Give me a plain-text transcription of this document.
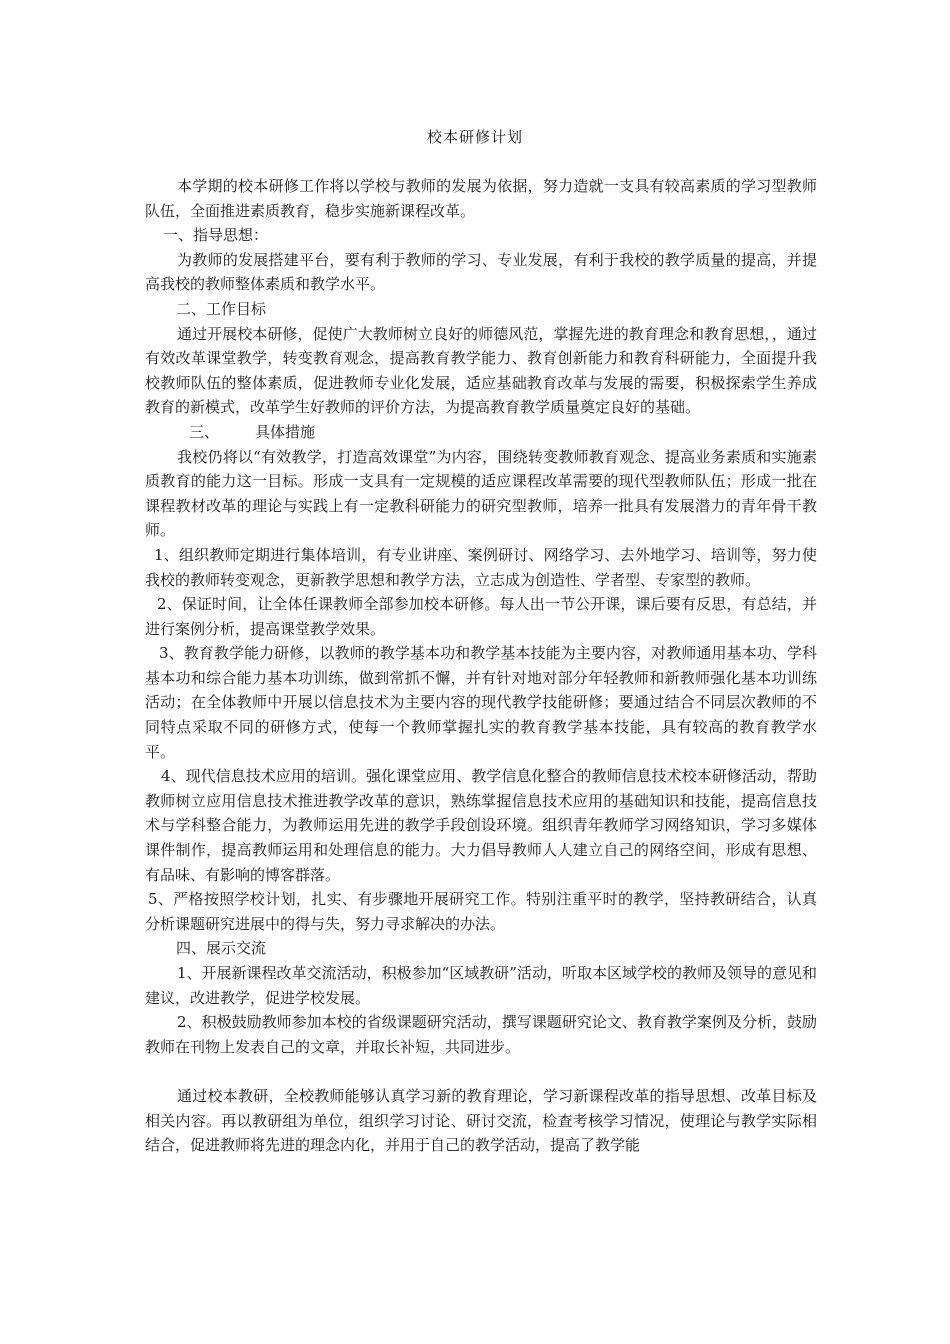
校本研修计划

本学期的校本研修工作将以学校与教师的发展为依据，努力造就一支具有较高素质的学习型教师队伍，全面推进素质教育，稳步实施新课程改革。

一、指导思想：

为教师的发展搭建平台，要有利于教师的学习、专业发展，有利于我校的教学质量的提高，并提高我校的教师整体素质和教学水平。

二、工作目标

通过开展校本研修，促使广大教师树立良好的师德风范，掌握先进的教育理念和教育思想，，通过有效改革课堂教学，转变教育观念，提高教育教学能力、教育创新能力和教育科研能力，全面提升我校教师队伍的整体素质，促进教师专业化发展，适应基础教育改革与发展的需要，积极探索学生养成教育的新模式，改革学生好教师的评价方法，为提高教育教学质量奠定良好的基础。

三、 具体措施

我校仍将以“有效教学，打造高效课堂”为内容，围绕转变教师教育观念、提高业务素质和实施素质教育的能力这一目标。形成一支具有一定规模的适应课程改革需要的现代型教师队伍；形成一批在课程教材改革的理论与实践上有一定教科研能力的研究型教师，培养一批具有发展潜力的青年骨干教师。

1、组织教师定期进行集体培训，有专业讲座、案例研讨、网络学习、去外地学习、培训等，努力使我校的教师转变观念，更新教学思想和教学方法，立志成为创造性、学者型、专家型的教师。

2、保证时间，让全体任课教师全部参加校本研修。每人出一节公开课，课后要有反思，有总结，并进行案例分析，提高课堂教学效果。

3、教育教学能力研修，以教师的教学基本功和教学基本技能为主要内容，对教师通用基本功、学科基本功和综合能力基本功训练，做到常抓不懈，并有针对地对部分年轻教师和新教师强化基本功训练活动；在全体教师中开展以信息技术为主要内容的现代教学技能研修；要通过结合不同层次教师的不同特点采取不同的研修方式，使每一个教师掌握扎实的教育教学基本技能，具有较高的教育教学水平。

4、现代信息技术应用的培训。强化课堂应用、教学信息化整合的教师信息技术校本研修活动，帮助教师树立应用信息技术推进教学改革的意识，熟练掌握信息技术应用的基础知识和技能，提高信息技术与学科整合能力，为教师运用先进的教学手段创设环境。组织青年教师学习网络知识，学习多媒体课件制作，提高教师运用和处理信息的能力。大力倡导教师人人建立自己的网络空间，形成有思想、有品味、有影响的博客群落。

5、严格按照学校计划，扎实、有步骤地开展研究工作。特别注重平时的教学，坚持教研结合，认真分析课题研究进展中的得与失，努力寻求解决的办法。

四、展示交流

1、开展新课程改革交流活动，积极参加“区域教研”活动，听取本区域学校的教师及领导的意见和建议，改进教学，促进学校发展。

2、积极鼓励教师参加本校的省级课题研究活动，撰写课题研究论文、教育教学案例及分析，鼓励教师在刊物上发表自己的文章，并取长补短，共同进步。

通过校本教研，全校教师能够认真学习新的教育理论，学习新课程改革的指导思想、改革目标及相关内容。再以教研组为单位，组织学习讨论、研讨交流，检查考核学习情况，使理论与教学实际相结合，促进教师将先进的理念内化，并用于自己的教学活动，提高了教学能
